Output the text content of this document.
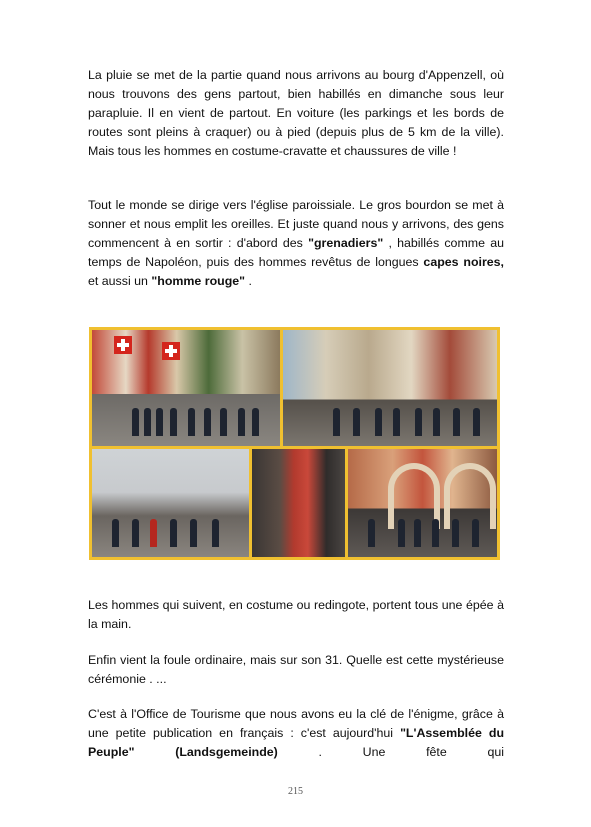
La pluie se met de la partie quand nous arrivons au bourg d'Appenzell, où nous trouvons des gens partout, bien habillés en dimanche sous leur parapluie. Il en vient de partout. En voiture (les parkings et les bords de routes sont pleins à craquer) ou à pied (depuis plus de 5 km de la ville). Mais tous les hommes en costume-cravatte et chaussures de ville !

Tout le monde se dirige vers l'église paroissiale. Le gros bourdon se met à sonner et nous emplit les oreilles. Et juste quand nous y arrivons, des gens commencent à en sortir : d'abord des "grenadiers" , habillés comme au temps de Napoléon, puis des hommes revêtus de longues capes noires, et aussi un "homme rouge" .

Les hommes qui suivent, en costume ou redingote, portent tous une épée à la main.

Enfin vient la foule ordinaire, mais sur son 31. Quelle est cette mystérieuse cérémonie . ...

C'est à l'Office de Tourisme que nous avons eu la clé de l'énigme, grâce à une petite publication en français : c'est aujourd'hui "L'Assemblée du Peuple" (Landsgemeinde) . Une fête qui

215
